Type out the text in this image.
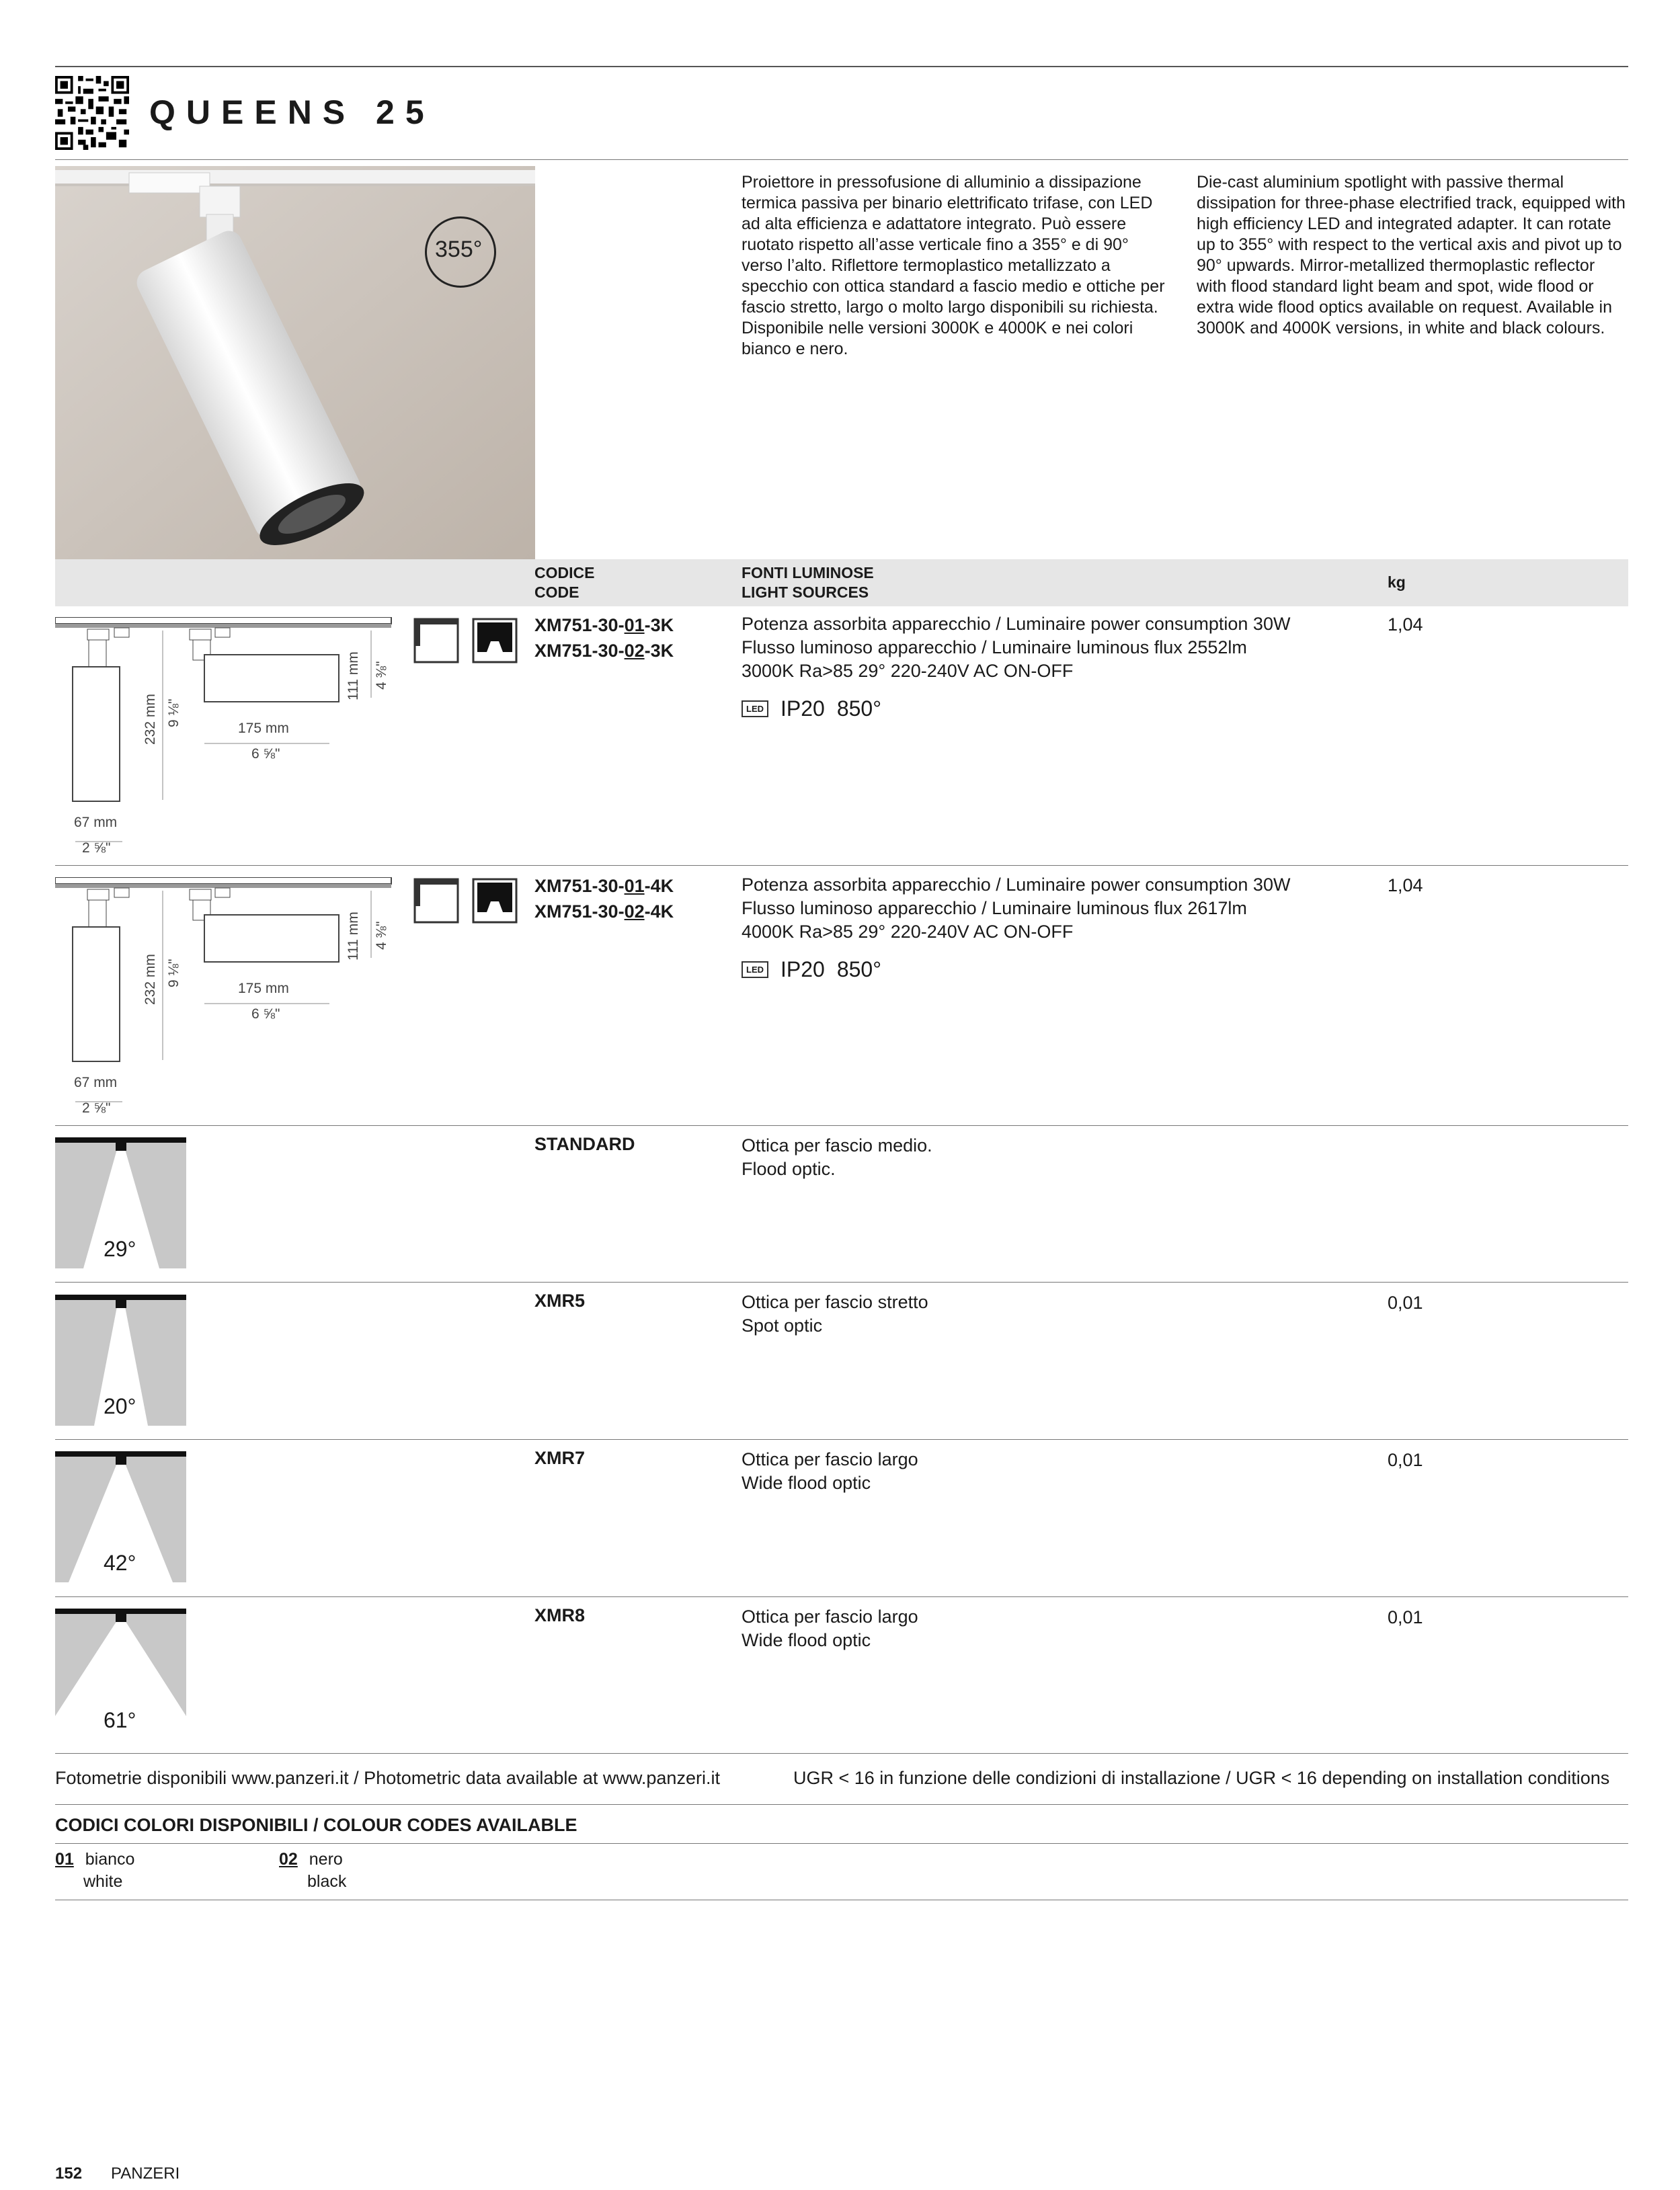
QUEENS 25
355°
Proiettore in pressofusione di alluminio a dissipazione termica passiva per binario elettrificato trifase, con LED ad alta efficienza e adattatore integrato. Può essere ruotato rispetto all’asse verticale fino a 355° e di 90° verso l’alto. Riflettore termoplastico metallizzato a specchio con ottica standard a fascio medio e ottiche per fascio stretto, largo o molto largo disponibili su richiesta. Disponibile nelle versioni 3000K e 4000K e nei colori bianco e nero.
Die-cast aluminium spotlight with passive thermal dissipation for three-phase electrified track, equipped with high efficiency LED and integrated adapter. It can rotate up to 355° with respect to the vertical axis and pivot up to 90° upwards. Mirror-metallized thermoplastic reflector with flood standard light beam and spot, wide flood or extra wide flood optics available on request. Available in 3000K and 4000K versions, in white and black colours.
CODICE
CODE
FONTI LUMINOSE
LIGHT SOURCES
kg
232 mm 9 ⅛"
175 mm
6 ⅝"
111 mm 4 ⅜"
67 mm
2 ⅝"
XM751-30-01-3K
XM751-30-02-3K
Potenza assorbita apparecchio / Luminaire power consumption 30W
Flusso luminoso apparecchio / Luminaire luminous flux 2552lm
3000K Ra>85 29° 220-240V AC ON-OFF
LED IP20 850°
1,04
232 mm 9 ⅛"
175 mm
6 ⅝"
111 mm 4 ⅜"
67 mm
2 ⅝"
XM751-30-01-4K
XM751-30-02-4K
Potenza assorbita apparecchio / Luminaire power consumption 30W
Flusso luminoso apparecchio / Luminaire luminous flux 2617lm
4000K Ra>85 29° 220-240V AC ON-OFF
LED IP20 850°
1,04
29°
STANDARD	Ottica per fascio medio.
Flood optic.
20°
XMR5	Ottica per fascio stretto
Spot optic
0,01
42°
XMR7	Ottica per fascio largo
Wide flood optic
0,01
61°
XMR8	Ottica per fascio largo
Wide flood optic
0,01
Fotometrie disponibili www.panzeri.it / Photometric data available at www.panzeri.it	UGR < 16 in funzione delle condizioni di installazione / UGR < 16 depending on installation conditions
CODICI COLORI DISPONIBILI / COLOUR CODES AVAILABLE
01 bianco
white
02 nero
black
152 PANZERI
